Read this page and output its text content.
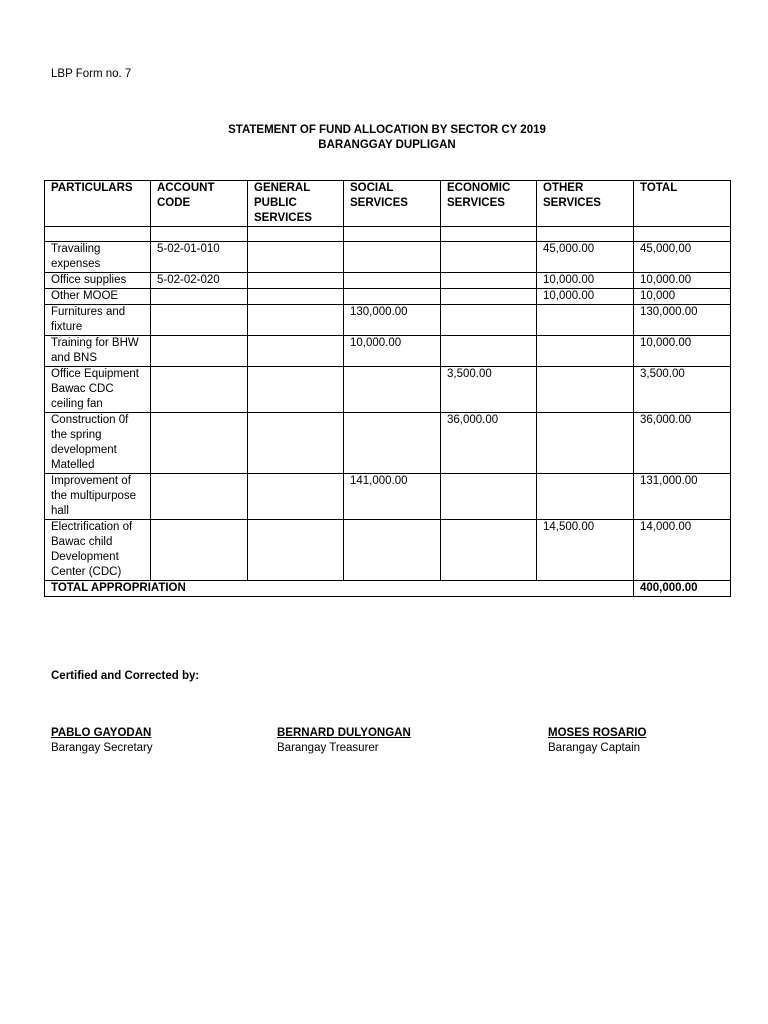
LBP Form no. 7
STATEMENT OF FUND ALLOCATION BY SECTOR CY 2019
BARANGGAY DUPLIGAN
PARTICULARS	ACCOUNT CODE	GENERAL PUBLIC SERVICES	SOCIAL SERVICES	ECONOMIC SERVICES	OTHER SERVICES	TOTAL

Travailing expenses	5-02-01-010				45,000.00	45,000,00
Office supplies	5-02-02-020				10,000.00	10,000.00
Other MOOE					10,000.00	10,000
Furnitures and fixture			130,000.00			130,000.00
Training for BHW and BNS			10,000.00			10,000.00
Office Equipment Bawac CDC ceiling fan				3,500.00		3,500.00
Construction 0f the spring development Matelled				36,000.00		36,000.00
Improvement of the multipurpose hall			141,000.00			131,000.00
Electrification of Bawac child Development Center (CDC)					14,500.00	14,000.00
TOTAL APPROPRIATION						400,000.00
Certified and Corrected by:
PABLO GAYODAN
Barangay Secretary
BERNARD DULYONGAN
Barangay Treasurer
MOSES ROSARIO
Barangay Captain
